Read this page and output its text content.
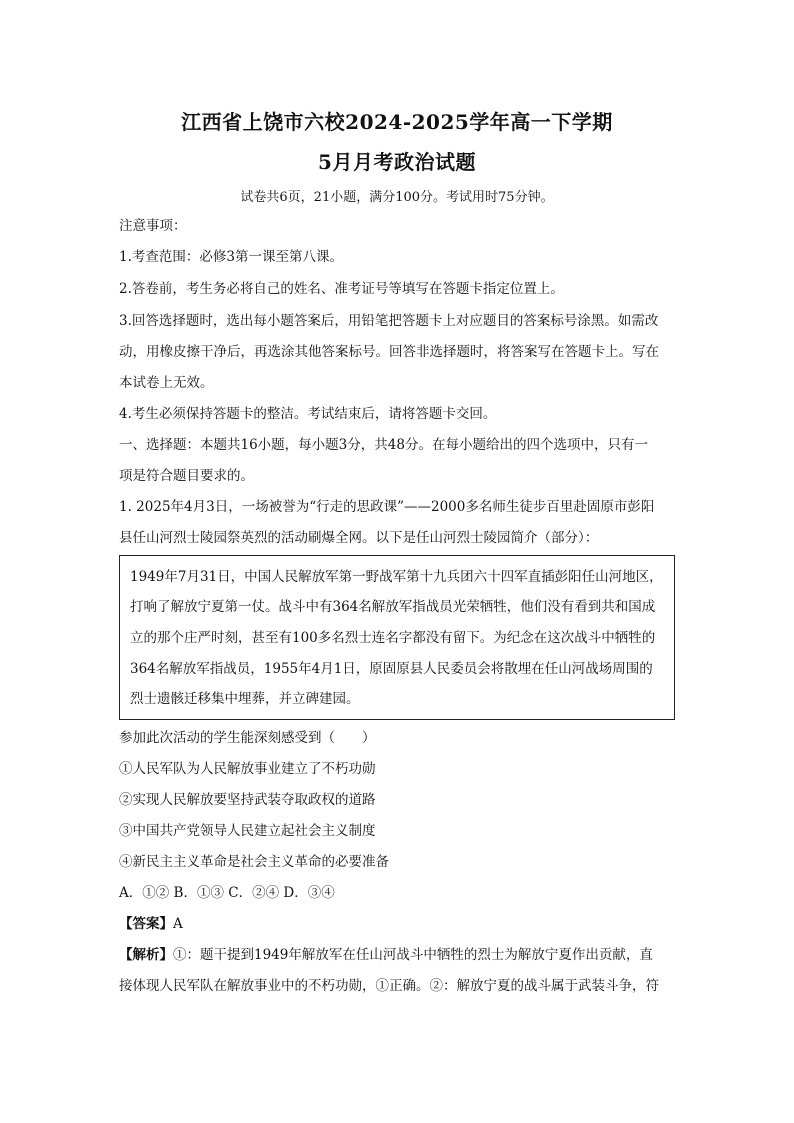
江西省上饶市六校2024-2025学年高一下学期
5月月考政治试题
试卷共6页，21小题，满分100分。考试用时75分钟。
注意事项：
1.考查范围：必修3第一课至第八课。
2.答卷前，考生务必将自己的姓名、准考证号等填写在答题卡指定位置上。
3.回答选择题时，选出每小题答案后，用铅笔把答题卡上对应题目的答案标号涂黑。如需改
动，用橡皮擦干净后，再选涂其他答案标号。回答非选择题时，将答案写在答题卡上。写在
本试卷上无效。
4.考生必须保持答题卡的整洁。考试结束后，请将答题卡交回。
一、选择题：本题共16小题，每小题3分，共48分。在每小题给出的四个选项中，只有一
项是符合题目要求的。
1. 2025年4月3日，一场被誉为“行走的思政课”——2000多名师生徒步百里赴固原市彭阳
县任山河烈士陵园祭英烈的活动刷爆全网。以下是任山河烈士陵园简介（部分）：
1949年7月31日，中国人民解放军第一野战军第十九兵团六十四军直插彭阳任山河地区，
打响了解放宁夏第一仗。战斗中有364名解放军指战员光荣牺牲，他们没有看到共和国成
立的那个庄严时刻，甚至有100多名烈士连名字都没有留下。为纪念在这次战斗中牺牲的
364名解放军指战员，1955年4月1日，原固原县人民委员会将散埋在任山河战场周围的
烈士遗骸迁移集中埋葬，并立碑建园。
参加此次活动的学生能深刻感受到（　　）
①人民军队为人民解放事业建立了不朽功勋
②实现人民解放要坚持武装夺取政权的道路
③中国共产党领导人民建立起社会主义制度
④新民主主义革命是社会主义革命的必要准备
A．①② B．①③ C．②④ D．③④
【答案】A
【解析】①：题干提到1949年解放军在任山河战斗中牺牲的烈士为解放宁夏作出贡献，直
接体现人民军队在解放事业中的不朽功勋，①正确。②：解放宁夏的战斗属于武装斗争，符
